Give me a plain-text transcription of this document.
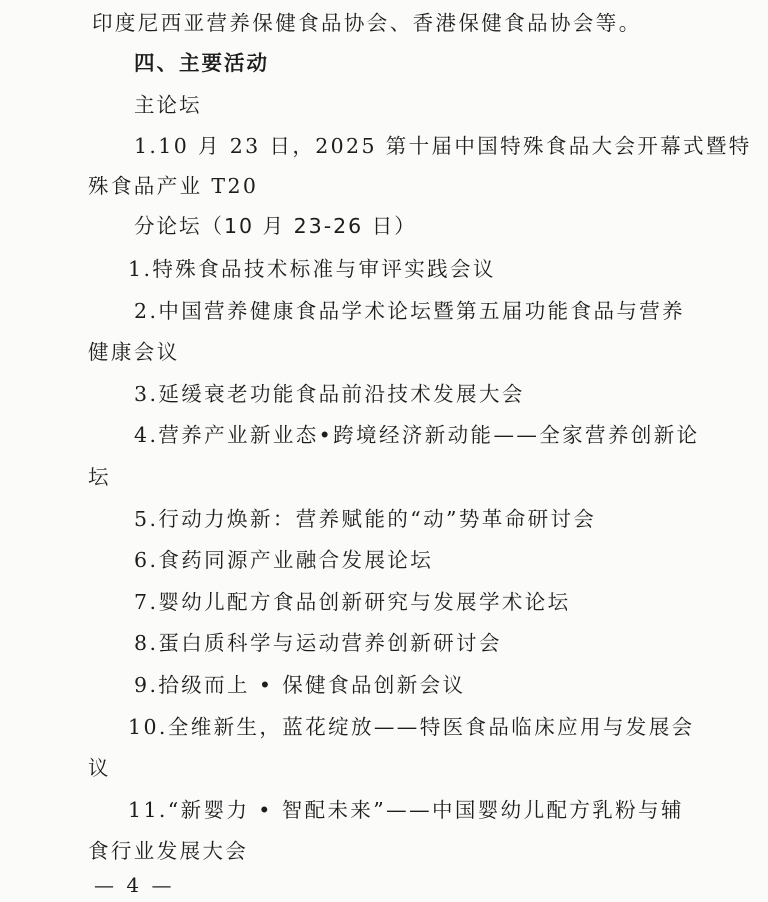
印度尼西亚营养保健食品协会、香港保健食品协会等。
四、主要活动
主论坛
1.10 月 23 日，2025 第十届中国特殊食品大会开幕式暨特
殊食品产业 T20
分论坛（10 月 23-26 日）
1.特殊食品技术标准与审评实践会议
2.中国营养健康食品学术论坛暨第五届功能食品与营养
健康会议
3.延缓衰老功能食品前沿技术发展大会
4.营养产业新业态•跨境经济新动能——全家营养创新论
坛
5.行动力焕新：营养赋能的“动”势革命研讨会
6.食药同源产业融合发展论坛
7.婴幼儿配方食品创新研究与发展学术论坛
8.蛋白质科学与运动营养创新研讨会
9.拾级而上 • 保健食品创新会议
10.全维新生，蓝花绽放——特医食品临床应用与发展会
议
11.“新婴力 • 智配未来”——中国婴幼儿配方乳粉与辅
食行业发展大会
— 4 —
